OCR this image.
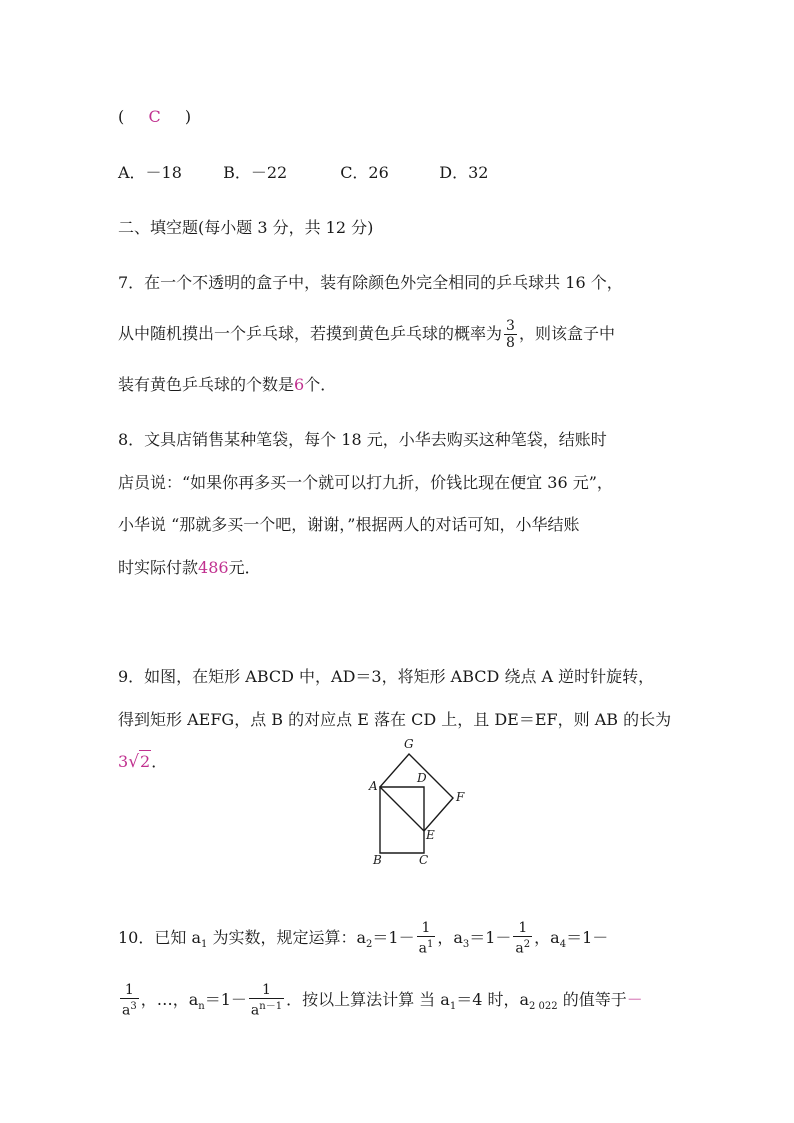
( C )
A．－18	B．－22	C．26	D．32
二、填空题(每小题 3 分，共 12 分)
7．在一个不透明的盒子中，装有除颜色外完全相同的乒乓球共 16 个，
从中随机摸出一个乒乓球，若摸到黄色乒乓球的概率为 $\frac{3}{8}$ ，则该盒子中
装有黄色乒乓球的个数是6个．
8．文具店销售某种笔袋，每个 18 元，小华去购买这种笔袋，结账时
店员说：“如果你再多买一个就可以打九折，价钱比现在便宜 36 元”，
小华说 “那就多买一个吧，谢谢，”根据两人的对话可知，小华结账
时实际付款486元．
9．如图，在矩形 ABCD 中，AD＝3，将矩形 ABCD 绕点 A 逆时针旋转，
得到矩形 AEFG，点 B 的对应点 E 落在 CD 上，且 DE＝EF，则 AB 的长为
3√2．
G
D
A
F
E
B	C
10．已知 $a_1$ 为实数，规定运算：$a_2=1- \frac{1}{a^1}$ ，$a_3=1- \frac{1}{a^2}$ ，$a_4=1-$
$\frac{1}{a^3}$ ，…，$a_n=1- \frac{1}{a^{n-1}}$ ．按以上算法计算 当 $a_1=4$ 时，$a_{2 022}$ 的值等于－
